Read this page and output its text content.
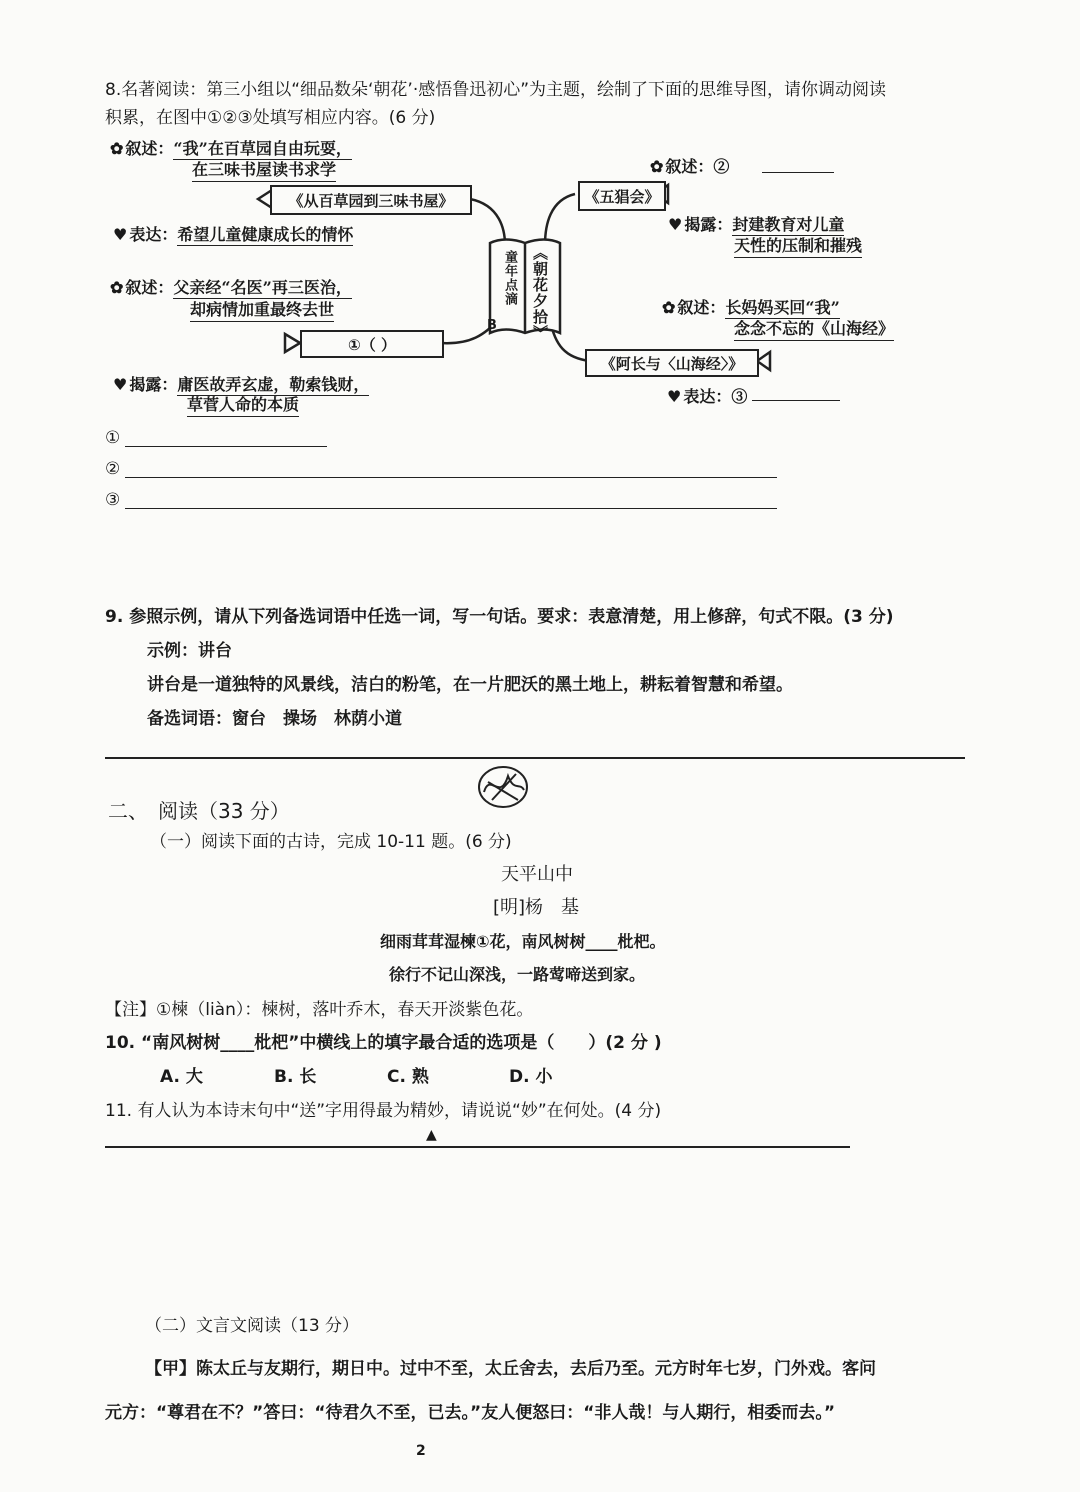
8.名著阅读：第三小组以“细品数朵‘朝花’·感悟鲁迅初心”为主题，绘制了下面的思维导图，请你调动阅读
积累，在图中①②③处填写相应内容。(6 分)
《朝花夕拾》
童年点滴
B
✿ 叙述：“我”在百草园自由玩耍，
在三味书屋读书求学
《从百草园到三味书屋》
♥ 表达：希望儿童健康成长的情怀
✿ 叙述：父亲经“名医”再三医治，
却病情加重最终去世
①（ ）
♥ 揭露：庸医故弄玄虚，勒索钱财，
草菅人命的本质
✿ 叙述：②
《五猖会》
♥ 揭露：封建教育对儿童
天性的压制和摧残
✿ 叙述：长妈妈买回“我”
念念不忘的《山海经》
《阿长与〈山海经〉》
♥ 表达：③
①
②
③
9. 参照示例，请从下列备选词语中任选一词，写一句话。要求：表意清楚，用上修辞，句式不限。(3 分)
示例：讲台
讲台是一道独特的风景线，洁白的粉笔，在一片肥沃的黑土地上，耕耘着智慧和希望。
备选词语：窗台　操场　林荫小道
二、　阅读（33 分）
（一）阅读下面的古诗，完成 10-11 题。(6 分)
天平山中
[明]杨　基
细雨茸茸湿楝①花，南风树树____枇杷。
徐行不记山深浅，一路莺啼送到家。
【注】①楝（liàn）：楝树，落叶乔木，春天开淡紫色花。
10. “南风树树____枇杷”中横线上的填字最合适的选项是（　　）(2 分 )
A. 大	B. 长	C. 熟	D. 小
11. 有人认为本诗末句中“送”字用得最为精妙，请说说“妙”在何处。(4 分)
▲
（二）文言文阅读（13 分）
【甲】陈太丘与友期行，期日中。过中不至，太丘舍去，去后乃至。元方时年七岁，门外戏。客问
元方：“尊君在不？”答曰：“待君久不至，已去。”友人便怒曰：“非人哉！与人期行，相委而去。”
2
